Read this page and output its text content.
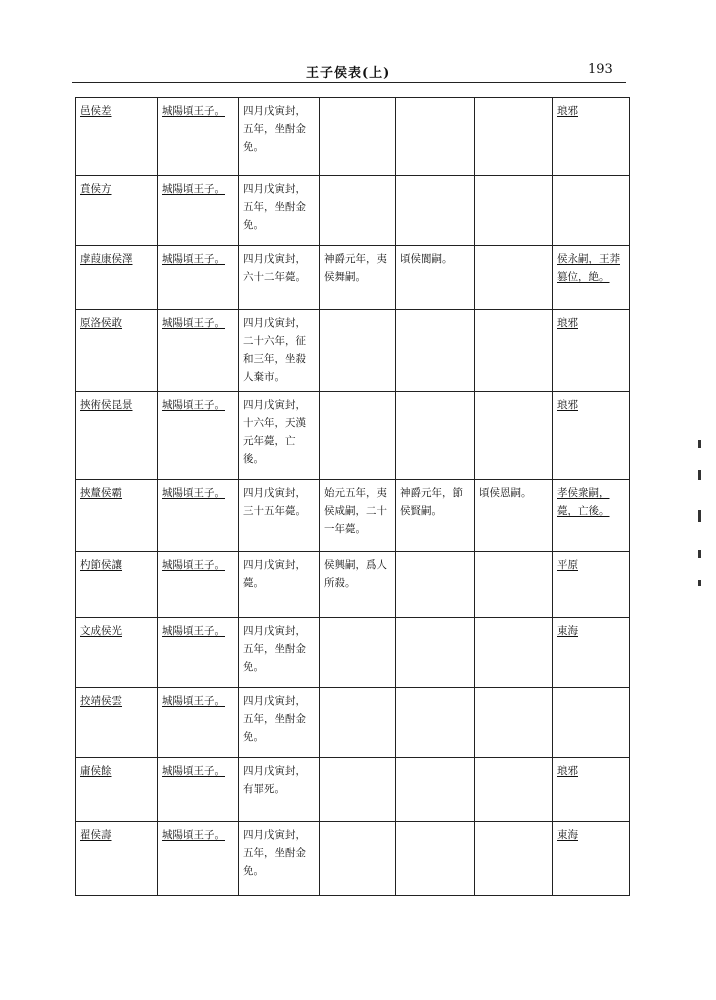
王子侯表(上)	193
邑侯差	城陽頃王子。	四月戊寅封，五年，坐酎金免。				琅邪
賁侯方	城陽頃王子。	四月戊寅封，五年，坐酎金免。				
虖葭康侯澤	城陽頃王子。	四月戊寅封，六十二年薨。	神爵元年，夷侯舞嗣。	頃侯閬嗣。		侯永嗣，王莽篡位，絶。
原洛侯敢	城陽頃王子。	四月戊寅封，二十六年，征和三年，坐殺人棄市。				琅邪
挾術侯昆景	城陽頃王子。	四月戊寅封，十六年，天漢元年薨，亡後。				琅邪
挾釐侯霸	城陽頃王子。	四月戊寅封，三十五年薨。	始元五年，夷侯咸嗣，二十一年薨。	神爵元年，節侯賢嗣。	頃侯恩嗣。	孝侯衆嗣，薨，亡後。
杓節侯讓	城陽頃王子。	四月戊寅封，薨。	侯興嗣，爲人所殺。			平原
文成侯光	城陽頃王子。	四月戊寅封，五年，坐酎金免。				東海
挍靖侯雲	城陽頃王子。	四月戊寅封，五年，坐酎金免。				
庸侯餘	城陽頃王子。	四月戊寅封，有罪死。				琅邪
翟侯壽	城陽頃王子。	四月戊寅封，五年，坐酎金免。				東海
